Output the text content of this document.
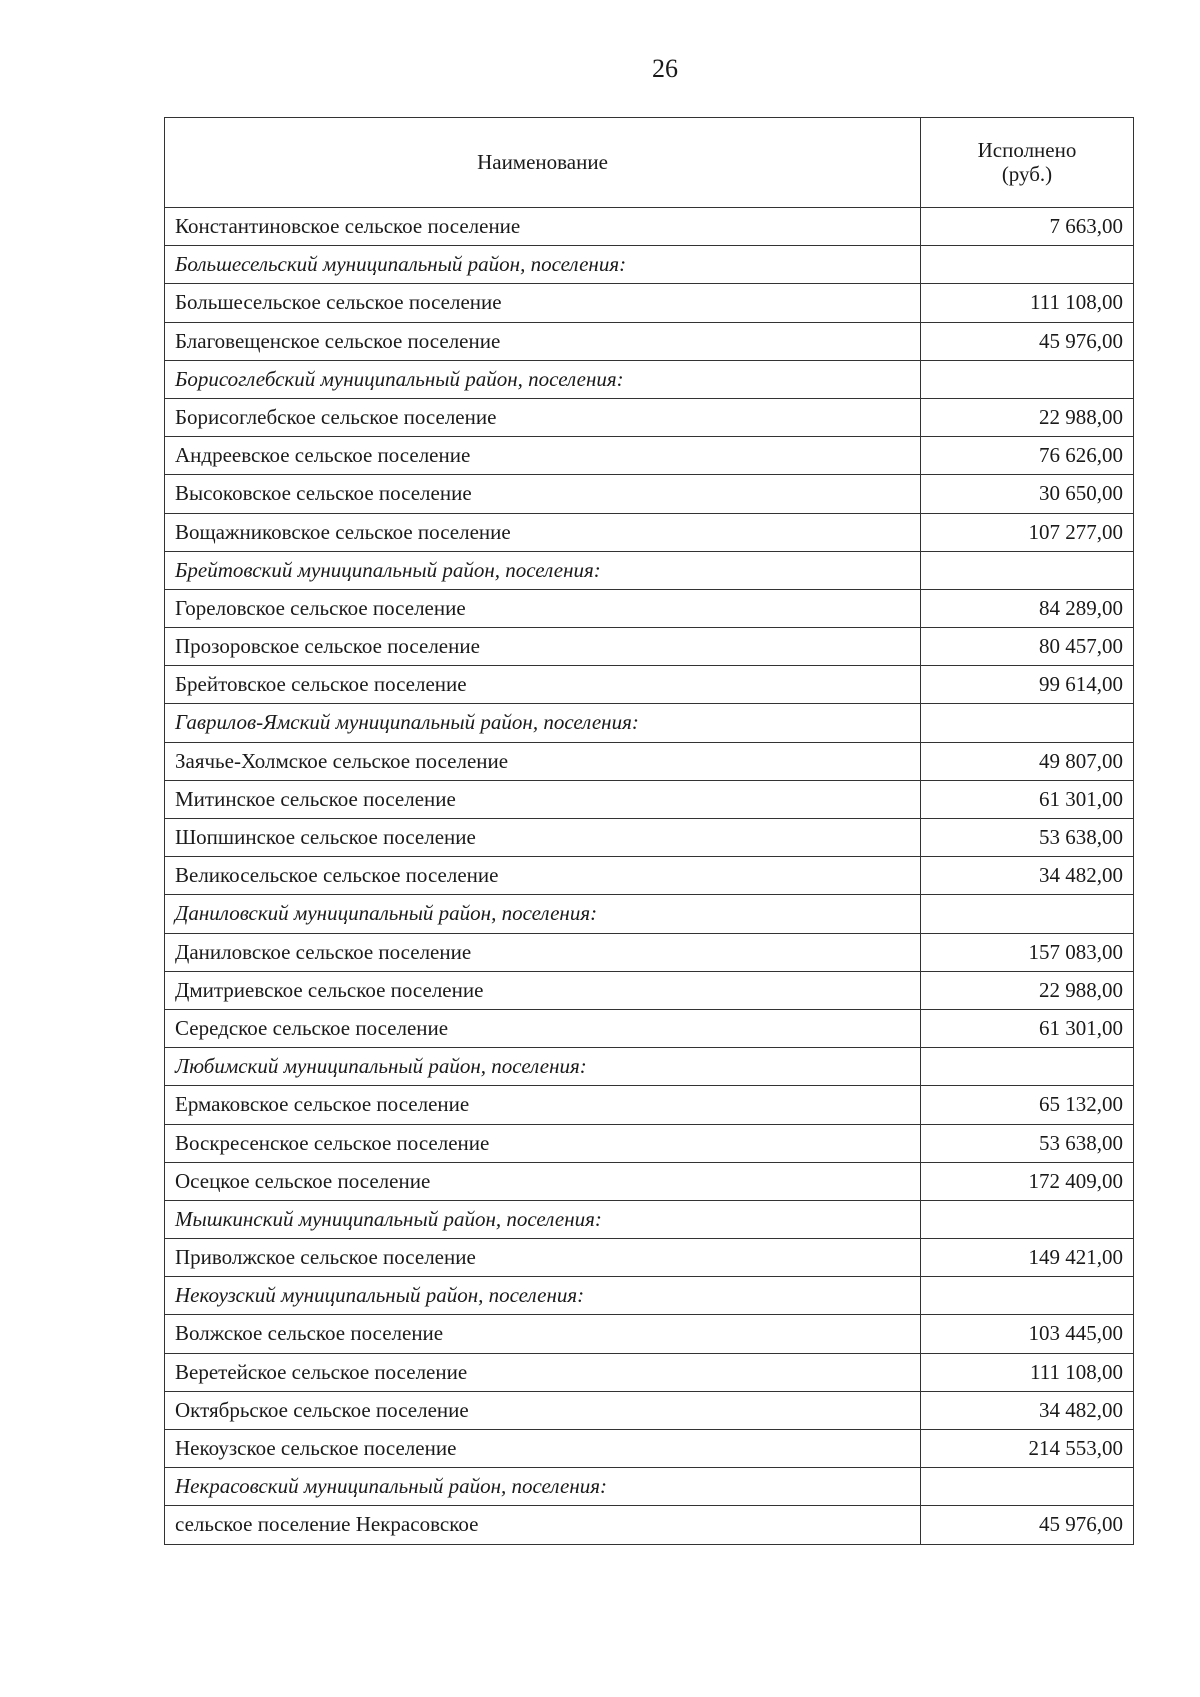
26
Наименование	Исполнено
(руб.)
Константиновское сельское поселение	7 663,00
Большесельский муниципальный район, поселения:	
Большесельское сельское поселение	111 108,00
Благовещенское сельское поселение	45 976,00
Борисоглебский муниципальный район, поселения:	
Борисоглебское сельское поселение	22 988,00
Андреевское сельское поселение	76 626,00
Высоковское сельское поселение	30 650,00
Вощажниковское сельское поселение	107 277,00
Брейтовский муниципальный район, поселения:	
Гореловское сельское поселение	84 289,00
Прозоровское сельское поселение	80 457,00
Брейтовское сельское поселение	99 614,00
Гаврилов-Ямский муниципальный район, поселения:	
Заячье-Холмское сельское поселение	49 807,00
Митинское сельское поселение	61 301,00
Шопшинское сельское поселение	53 638,00
Великосельское сельское поселение	34 482,00
Даниловский муниципальный район, поселения:	
Даниловское сельское поселение	157 083,00
Дмитриевское сельское поселение	22 988,00
Середское сельское поселение	61 301,00
Любимский муниципальный район, поселения:	
Ермаковское сельское поселение	65 132,00
Воскресенское сельское поселение	53 638,00
Осецкое сельское поселение	172 409,00
Мышкинский муниципальный район, поселения:	
Приволжское сельское поселение	149 421,00
Некоузский муниципальный район, поселения:	
Волжское сельское поселение	103 445,00
Веретейское сельское поселение	111 108,00
Октябрьское сельское поселение	34 482,00
Некоузское сельское поселение	214 553,00
Некрасовский муниципальный район, поселения:	
сельское поселение Некрасовское	45 976,00
